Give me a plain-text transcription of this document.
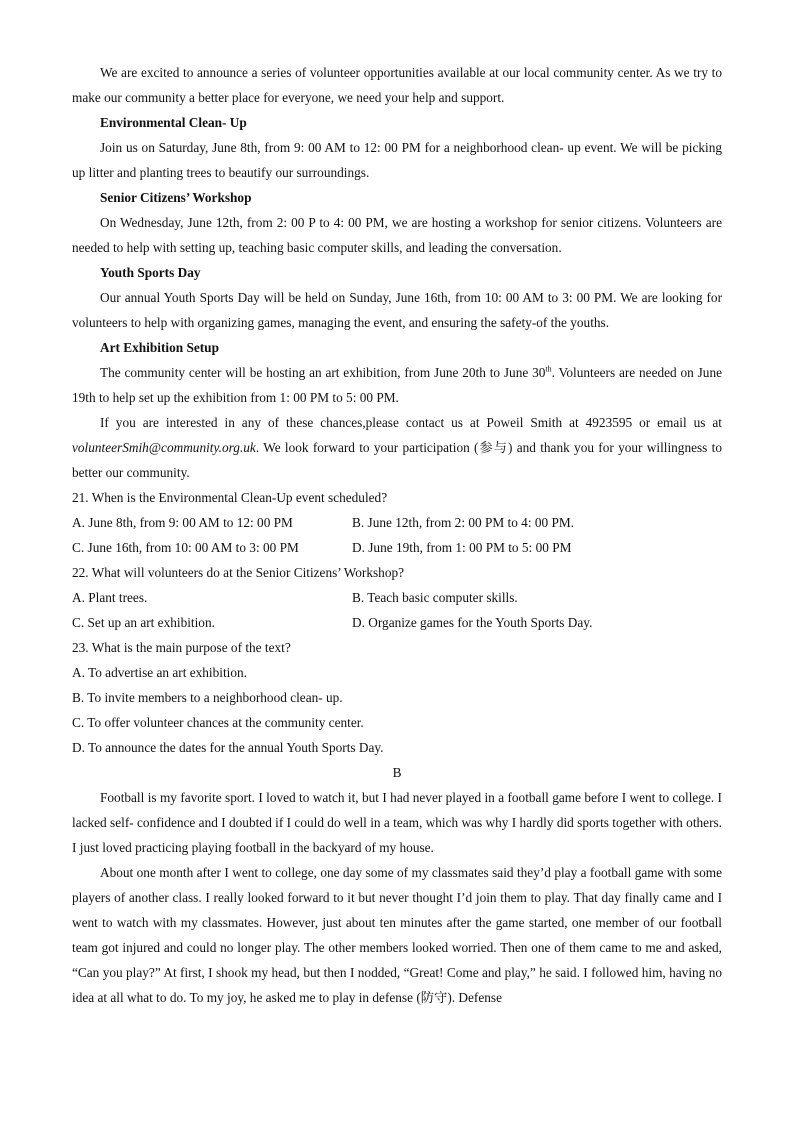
We are excited to announce a series of volunteer opportunities available at our local community center. As we try to make our community a better place for everyone, we need your help and support.

Environmental Clean- Up

Join us on Saturday, June 8th, from 9: 00 AM to 12: 00 PM for a neighborhood clean- up event. We will be picking up litter and planting trees to beautify our surroundings.

Senior Citizens’ Workshop

On Wednesday, June 12th, from 2: 00 P to 4: 00 PM, we are hosting a workshop for senior citizens. Volunteers are needed to help with setting up, teaching basic computer skills, and leading the conversation.

Youth Sports Day

Our annual Youth Sports Day will be held on Sunday, June 16th, from 10: 00 AM to 3: 00 PM. We are looking for volunteers to help with organizing games, managing the event, and ensuring the safety-of the youths.

Art Exhibition Setup

The community center will be hosting an art exhibition, from June 20th to June 30th. Volunteers are needed on June 19th to help set up the exhibition from 1: 00 PM to 5: 00 PM.

If you are interested in any of these chances,please contact us at Poweil Smith at 4923595 or email us at volunteerSmih@community.org.uk. We look forward to your participation (参与) and thank you for your willingness to better our community.

21. When is the Environmental Clean-Up event scheduled?

A. June 8th, from 9: 00 AM to 12: 00 PM	B. June 12th, from 2: 00 PM to 4: 00 PM.
C. June 16th, from 10: 00 AM to 3: 00 PM	D. June 19th, from 1: 00 PM to 5: 00 PM

22. What will volunteers do at the Senior Citizens’ Workshop?

A. Plant trees.	B. Teach basic computer skills.
C. Set up an art exhibition.	D. Organize games for the Youth Sports Day.

23. What is the main purpose of the text?

A. To advertise an art exhibition.

B. To invite members to a neighborhood clean- up.

C. To offer volunteer chances at the community center.

D. To announce the dates for the annual Youth Sports Day.

B

Football is my favorite sport. I loved to watch it, but I had never played in a football game before I went to college. I lacked self- confidence and I doubted if I could do well in a team, which was why I hardly did sports together with others. I just loved practicing playing football in the backyard of my house.

About one month after I went to college, one day some of my classmates said they’d play a football game with some players of another class. I really looked forward to it but never thought I’d join them to play. That day finally came and I went to watch with my classmates. However, just about ten minutes after the game started, one member of our football team got injured and could no longer play. The other members looked worried. Then one of them came to me and asked, “Can you play?” At first, I shook my head, but then I nodded, “Great! Come and play,” he said. I followed him, having no idea at all what to do. To my joy, he asked me to play in defense (防守). Defense
